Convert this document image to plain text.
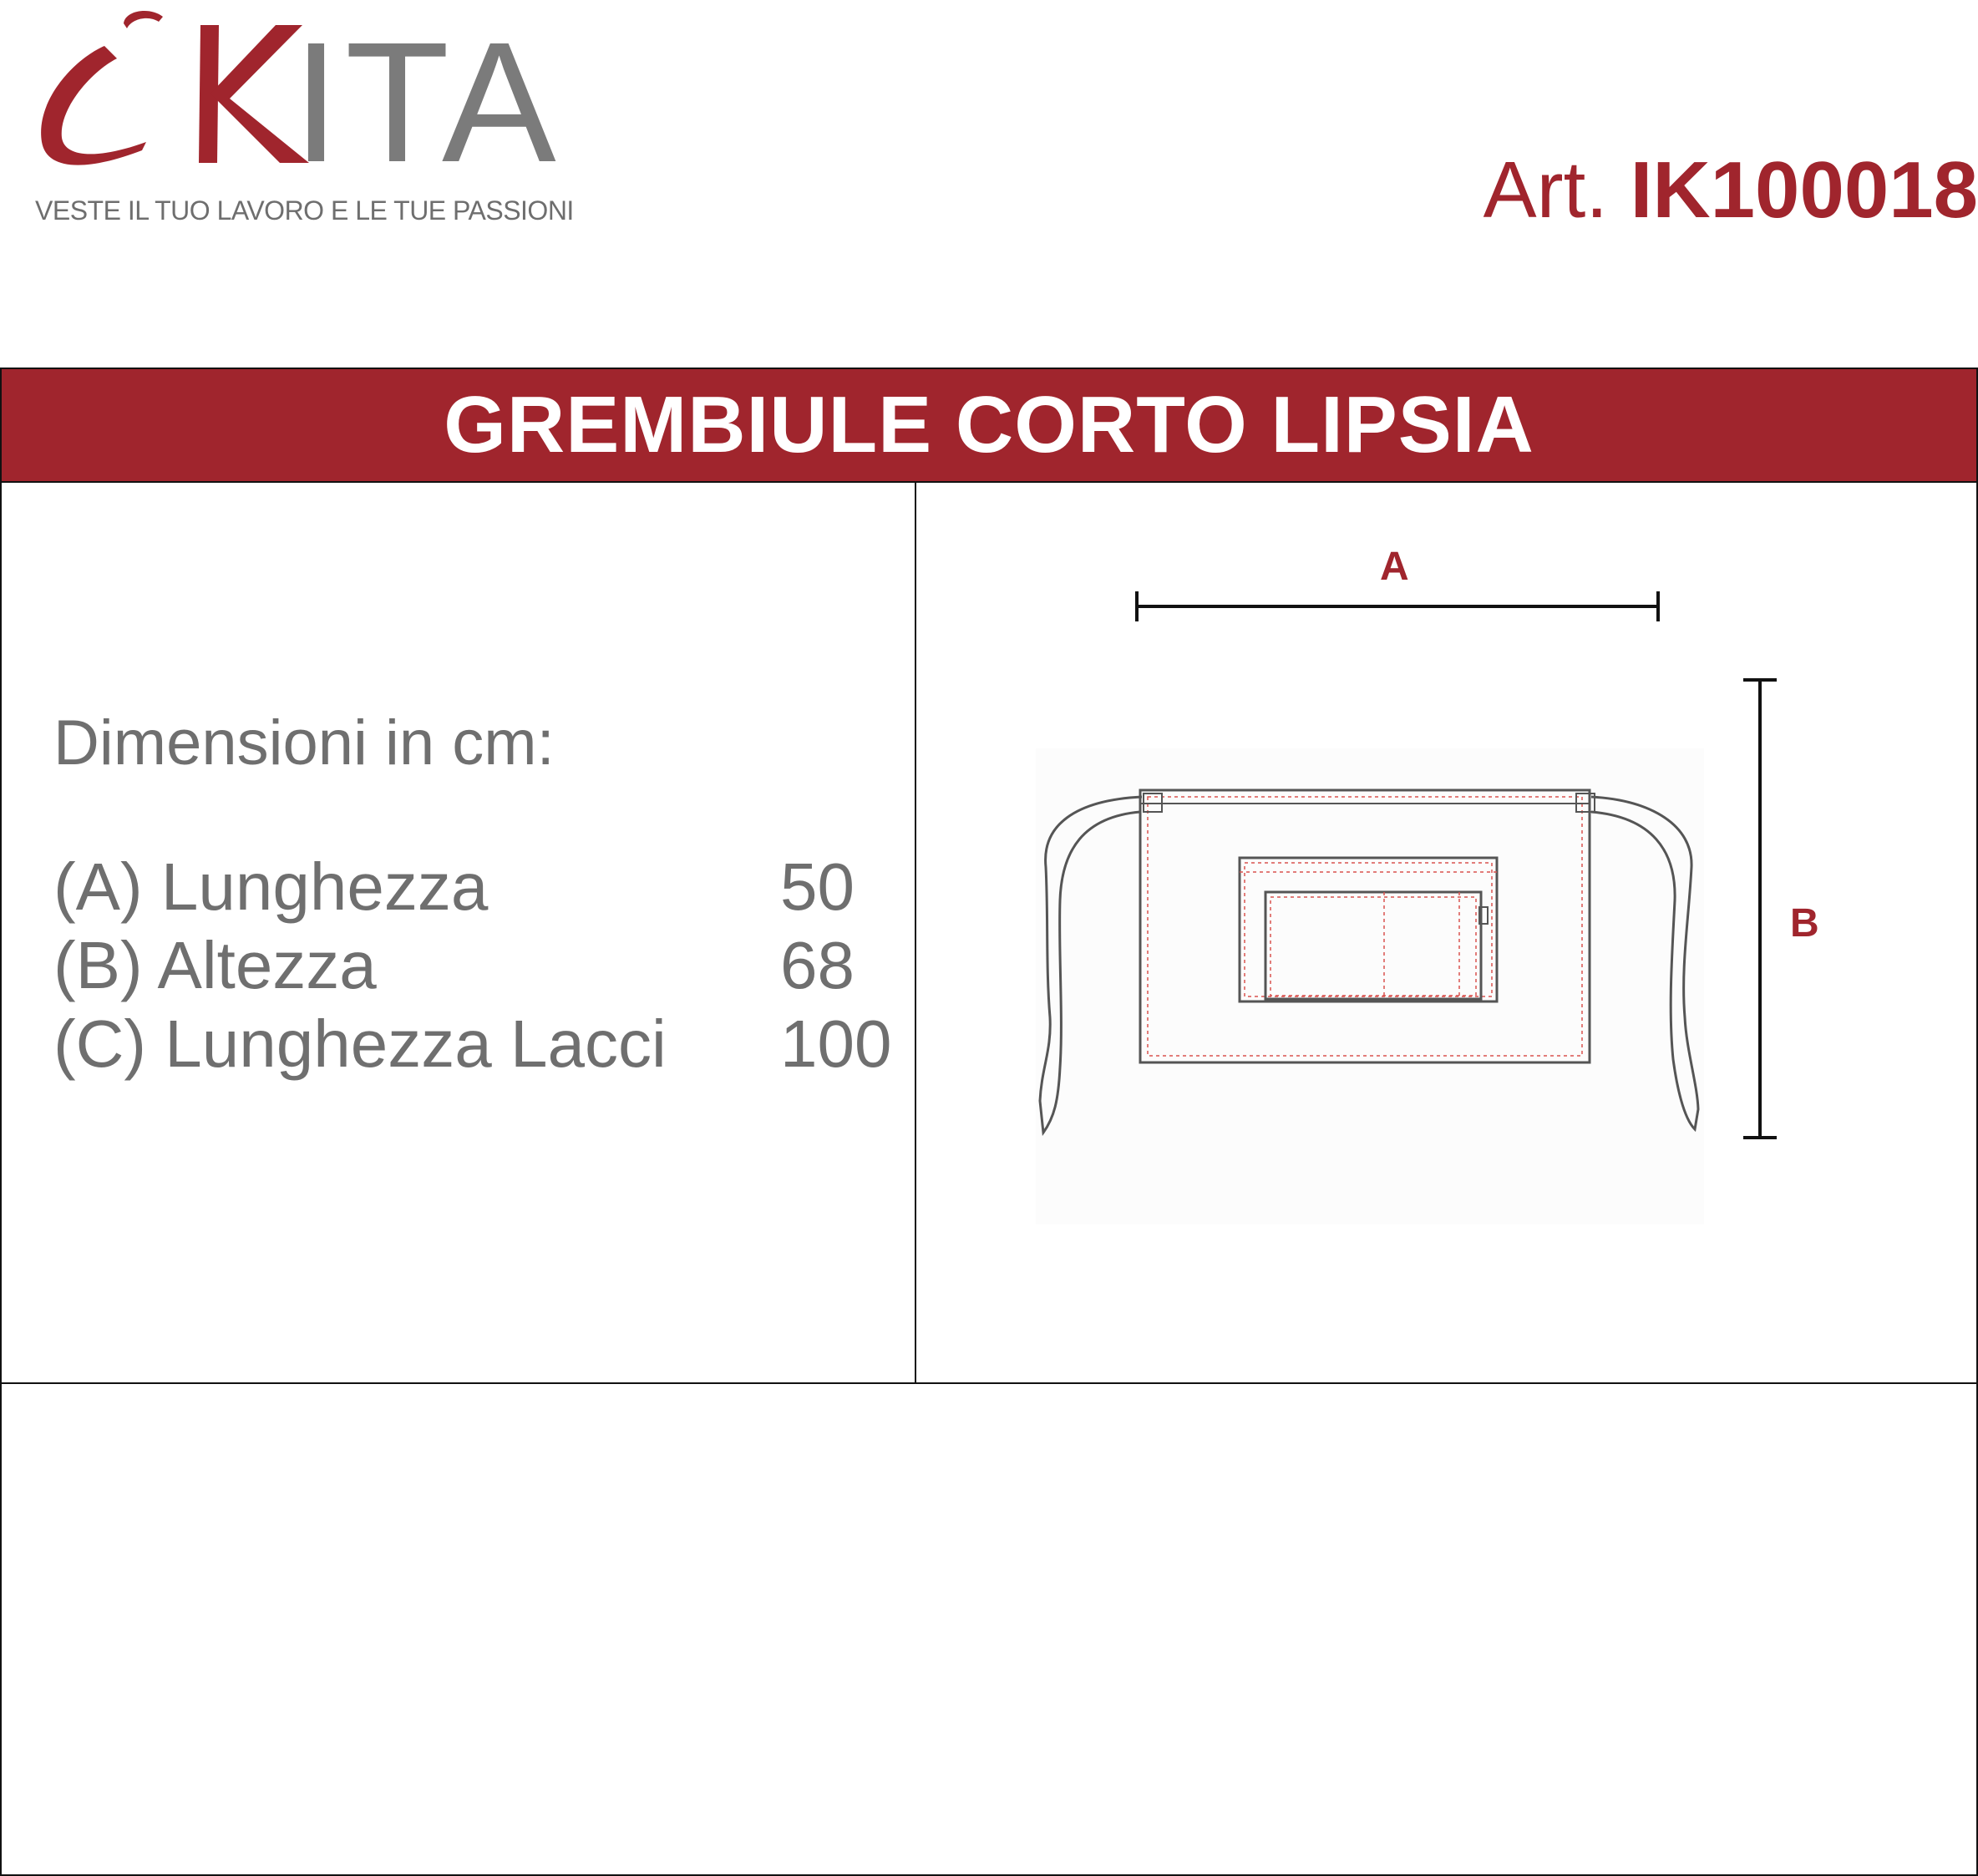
ITA
VESTE IL TUO LAVORO E LE TUE PASSIONI	Art. IK100018
GREMBIULE CORTO LIPSIA
Dimensioni in cm:
(A) Lunghezza	50
(B) Altezza	68
(C) Lunghezza Lacci 100
A
B
